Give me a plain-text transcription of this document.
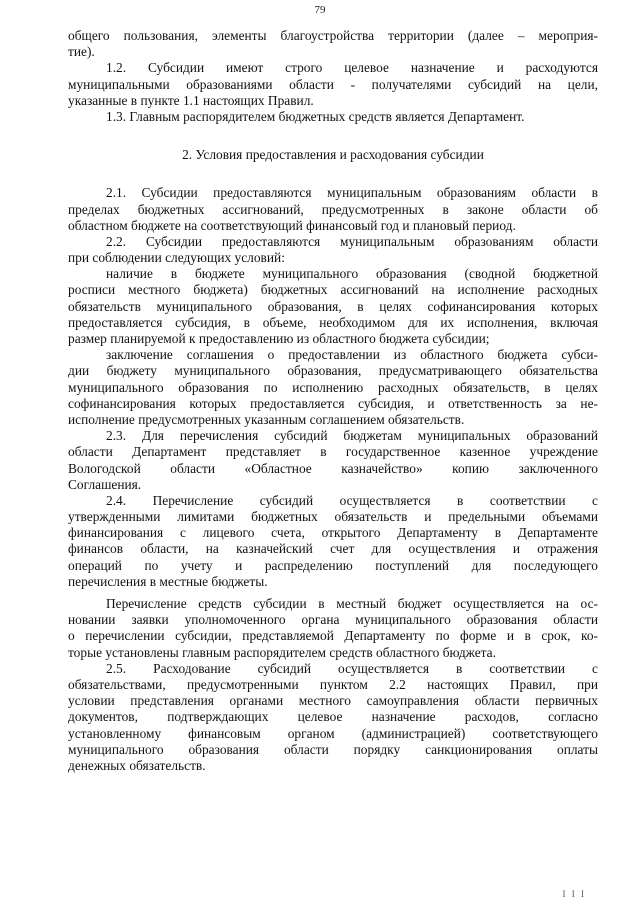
79
общего пользования, элементы благоустройства территории (далее – мероприя-
тие).
1.2. Субсидии имеют строго целевое назначение и расходуются
муниципальными образованиями области - получателями субсидий на цели,
указанные в пункте 1.1 настоящих Правил.
1.3. Главным распорядителем бюджетных средств является Департамент.
2. Условия предоставления и расходования субсидии
2.1. Субсидии предоставляются муниципальным образованиям области в
пределах бюджетных ассигнований, предусмотренных в законе области об
областном бюджете на соответствующий финансовый год и плановый период.
2.2. Субсидии предоставляются муниципальным образованиям области
при соблюдении следующих условий:
наличие в бюджете муниципального образования (сводной бюджетной
росписи местного бюджета) бюджетных ассигнований на исполнение расходных
обязательств муниципального образования, в целях софинансирования которых
предоставляется субсидия, в объеме, необходимом для их исполнения, включая
размер планируемой к предоставлению из областного бюджета субсидии;
заключение соглашения о предоставлении из областного бюджета субси-
дии бюджету муниципального образования, предусматривающего обязательства
муниципального образования по исполнению расходных обязательств, в целях
софинансирования которых предоставляется субсидия, и ответственность за не-
исполнение предусмотренных указанным соглашением обязательств.
2.3. Для перечисления субсидий бюджетам муниципальных образований
области Департамент представляет в государственное казенное учреждение
Вологодской области «Областное казначейство» копию заключенного
Соглашения.
2.4. Перечисление субсидий осуществляется в соответствии с
утвержденными лимитами бюджетных обязательств и предельными объемами
финансирования с лицевого счета, открытого Департаменту в Департаменте
финансов области, на казначейский счет для осуществления и отражения
операций по учету и распределению поступлений для последующего
перечисления в местные бюджеты.
Перечисление средств субсидии в местный бюджет осуществляется на ос-
новании заявки уполномоченного органа муниципального образования области
о перечислении субсидии, представляемой Департаменту по форме и в срок, ко-
торые установлены главным распорядителем средств областного бюджета.
2.5. Расходование субсидий осуществляется в соответствии с
обязательствами, предусмотренными пунктом 2.2 настоящих Правил, при
условии представления органами местного самоуправления области первичных
документов, подтверждающих целевое назначение расходов, согласно
установленному финансовым органом (администрацией) соответствующего
муниципального образования области порядку санкционирования оплаты
денежных обязательств.
I I I
